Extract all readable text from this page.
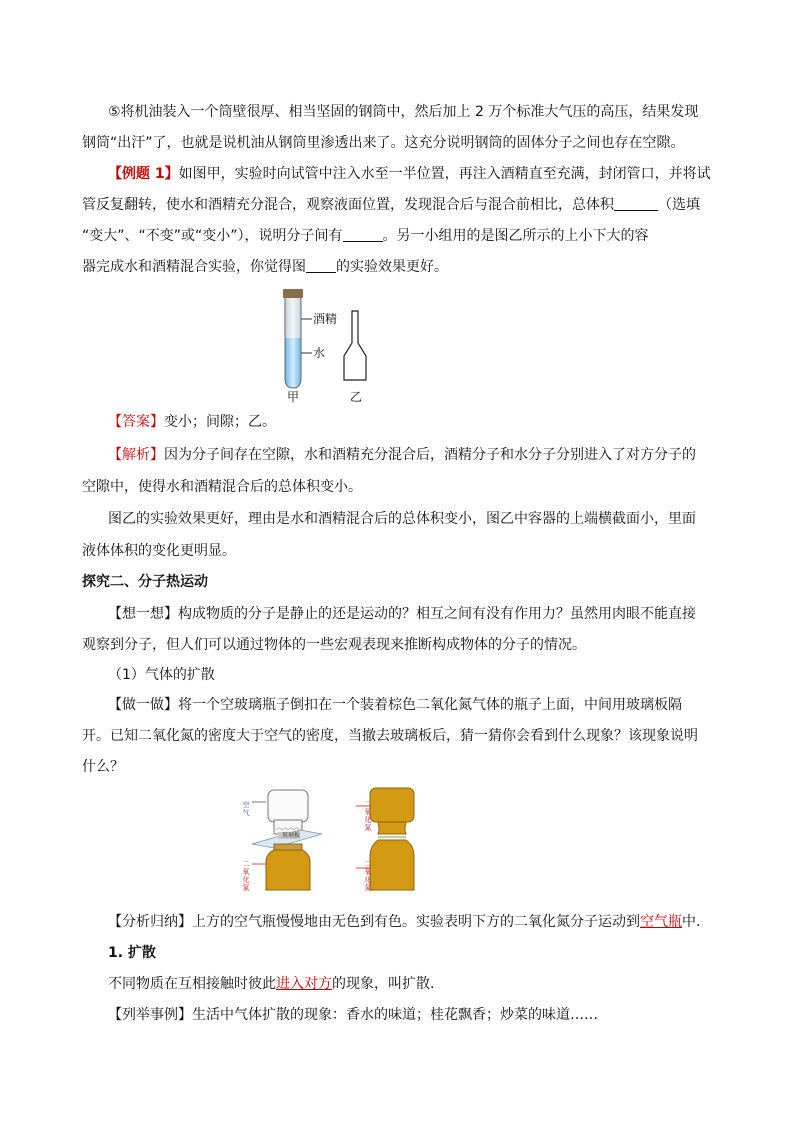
⑤将机油装入一个筒壁很厚、相当坚固的钢筒中，然后加上 2 万个标准大气压的高压，结果发现
钢筒“出汗”了，也就是说机油从钢筒里渗透出来了。这充分说明钢筒的固体分子之间也存在空隙。
【例题 1】如图甲，实验时向试管中注入水至一半位置，再注入酒精直至充满，封闭管口，并将试
管反复翻转，使水和酒精充分混合，观察液面位置，发现混合后与混合前相比，总体积	（选填
“变大”、“不变”或“变小”），说明分子间有	。另一小组用的是图乙所示的上小下大的容
器完成水和酒精混合实验，你觉得图 的实验效果更好。
酒精
水
甲	乙
【答案】变小；间隙；乙。
【解析】因为分子间存在空隙，水和酒精充分混合后，酒精分子和水分子分别进入了对方分子的
空隙中，使得水和酒精混合后的总体积变小。
图乙的实验效果更好，理由是水和酒精混合后的总体积变小，图乙中容器的上端横截面小，里面
液体体积的变化更明显。
探究二、分子热运动
【想一想】构成物质的分子是静止的还是运动的？相互之间有没有作用力？虽然用肉眼不能直接
观察到分子，但人们可以通过物体的一些宏观表现来推断构成物体的分子的情况。
（1）气体的扩散
【做一做】将一个空玻璃瓶子倒扣在一个装着棕色二氧化氮气体的瓶子上面，中间用玻璃板隔
开。已知二氧化氮的密度大于空气的密度，当撤去玻璃板后，猜一猜你会看到什么现象？该现象说明
什么？
空气
二氧化氮
玻璃板
二氧化氮
二氧化氮
【分析归纳】上方的空气瓶慢慢地由无色到有色。实验表明下方的二氧化氮分子运动到空气瓶中.
1. 扩散
不同物质在互相接触时彼此进入对方的现象，叫扩散.
【列举事例】生活中气体扩散的现象：香水的味道；桂花飘香；炒菜的味道……
